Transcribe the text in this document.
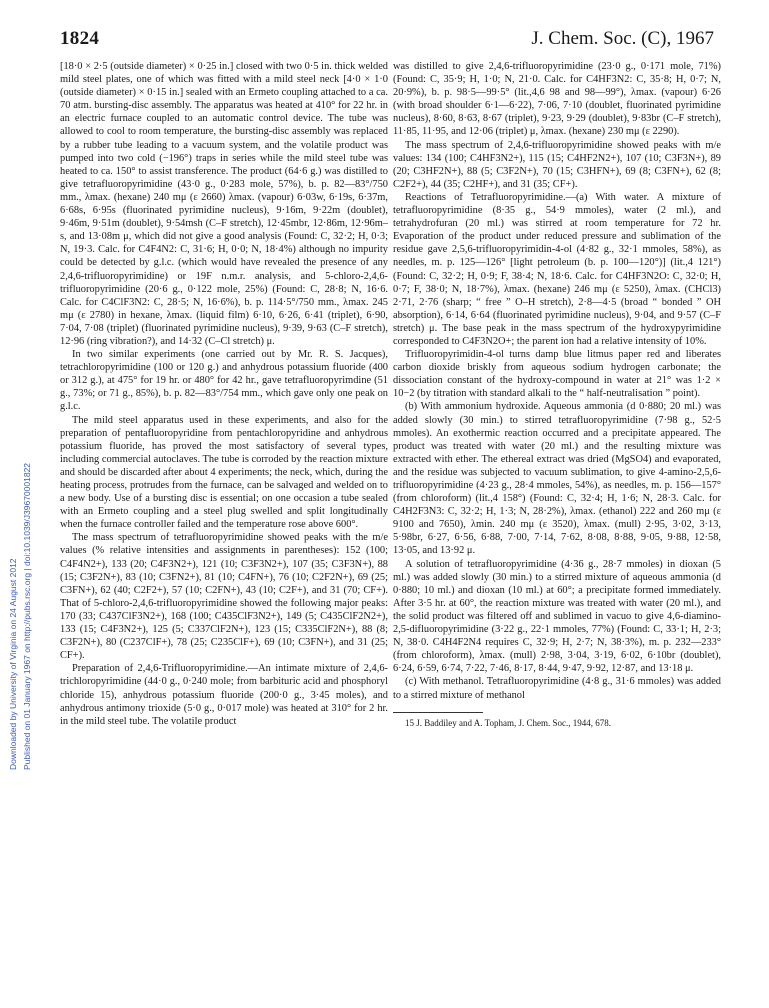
1824	J. Chem. Soc. (C), 1967
Downloaded by University of Virginia on 24 August 2012 Published on 01 January 1967 on http://pubs.rsc.org | doi:10.1039/J39670001822

[18·0 × 2·5 (outside diameter) × 0·25 in.] closed with two 0·5 in. thick welded mild steel plates, one of which was fitted with a mild steel neck [4·0 × 1·0 (outside diameter) × 0·15 in.] sealed with an Ermeto coupling attached to a ca. 70 atm. bursting-disc assembly. The apparatus was heated at 410° for 22 hr. in an electric furnace coupled to an automatic control device. The tube was allowed to cool to room temperature, the bursting-disc assembly was replaced by a rubber tube leading to a vacuum system, and the volatile product was pumped into two cold (−196°) traps in series while the mild steel tube was heated to ca. 150° to assist transference. The product (64·6 g.) was distilled to give tetrafluoropyrimidine (43·0 g., 0·283 mole, 57%), b. p. 82—83°/750 mm., λmax. (hexane) 240 mμ (ε 2660) λmax. (vapour) 6·03w, 6·19s, 6·37m, 6·68s, 6·95s (fluorinated pyrimidine nucleus), 9·16m, 9·22m (doublet), 9·46m, 9·51m (doublet), 9·54msh (C–F stretch), 12·45mbr, 12·86m, 12·96m–s, and 13·08m μ, which did not give a good analysis (Found: C, 32·2; H, 0·3; N, 19·3. Calc. for C4F4N2: C, 31·6; H, 0·0; N, 18·4%) although no impurity could be detected by g.l.c. (which would have revealed the presence of any 2,4,6-trifluoropyrimidine) or 19F n.m.r. analysis, and 5-chloro-2,4,6-trifluoropyrimidine (20·6 g., 0·122 mole, 25%) (Found: C, 28·8; N, 16·6. Calc. for C4ClF3N2: C, 28·5; N, 16·6%), b. p. 114·5°/750 mm., λmax. 245 mμ (ε 2780) in hexane, λmax. (liquid film) 6·10, 6·26, 6·41 (triplet), 6·90, 7·04, 7·08 (triplet) (fluorinated pyrimidine nucleus), 9·39, 9·63 (C–F stretch), 12·96 (ring vibration?), and 14·32 (C–Cl stretch) μ.

In two similar experiments (one carried out by Mr. R. S. Jacques), tetrachloropyrimidine (100 or 120 g.) and anhydrous potassium fluoride (400 or 312 g.), at 475° for 19 hr. or 480° for 42 hr., gave tetrafluoropyrimdine (51 g., 73%; or 71 g., 85%), b. p. 82—83°/754 mm., which gave only one peak on g.l.c.

The mild steel apparatus used in these experiments, and also for the preparation of pentafluoropyridine from pentachloropyridine and anhydrous potassium fluoride, has proved the most satisfactory of several types, including commercial autoclaves. The tube is corroded by the reaction mixture and should be discarded after about 4 experiments; the neck, which, during the heating process, protrudes from the furnace, can be salvaged and welded on to a new body. Use of a bursting disc is essential; on one occasion a tube sealed with an Ermeto coupling and a steel plug swelled and split longitudinally when the furnace controller failed and the temperature rose above 600°.

The mass spectrum of tetrafluoropyrimidine showed peaks with the m/e values (% relative intensities and assignments in parentheses): 152 (100; C4F4N2+), 133 (20; C4F3N2+), 121 (10; C3F3N2+), 107 (35; C3F3N+), 88 (15; C3F2N+), 83 (10; C3FN2+), 81 (10; C4FN+), 76 (10; C2F2N+), 69 (25; C3FN+), 62 (40; C2F2+), 57 (10; C2FN+), 43 (10; C2F+), and 31 (70; CF+). That of 5-chloro-2,4,6-trifluoropyrimidine showed the following major peaks: 170 (33; C437ClF3N2+), 168 (100; C435ClF3N2+), 149 (5; C435ClF2N2+), 133 (15; C4F3N2+), 125 (5; C337ClF2N+), 123 (15; C335ClF2N+), 88 (8; C3F2N+), 80 (C237ClF+), 78 (25; C235ClF+), 69 (10; C3FN+), and 31 (25; CF+).

Preparation of 2,4,6-Trifluoropyrimidine.—An intimate mixture of 2,4,6-trichloropyrimidine (44·0 g., 0·240 mole; from barbituric acid and phosphoryl chloride 15), anhydrous potassium fluoride (200·0 g., 3·45 moles), and anhydrous antimony trioxide (5·0 g., 0·017 mole) was heated at 310° for 2 hr. in the mild steel tube. The volatile product

was distilled to give 2,4,6-trifluoropyrimidine (23·0 g., 0·171 mole, 71%) (Found: C, 35·9; H, 1·0; N, 21·0. Calc. for C4HF3N2: C, 35·8; H, 0·7; N, 20·9%), b. p. 98·5—99·5° (lit.,4,6 98 and 98—99°), λmax. (vapour) 6·26 (with broad shoulder 6·1—6·22), 7·06, 7·10 (doublet, fluorinated pyrimidine nucleus), 8·60, 8·63, 8·67 (triplet), 9·23, 9·29 (doublet), 9·83br (C–F stretch), 11·85, 11·95, and 12·06 (triplet) μ, λmax. (hexane) 230 mμ (ε 2290).

The mass spectrum of 2,4,6-trifluoropyrimidine showed peaks with m/e values: 134 (100; C4HF3N2+), 115 (15; C4HF2N2+), 107 (10; C3F3N+), 89 (20; C3HF2N+), 88 (5; C3F2N+), 70 (15; C3HFN+), 69 (8; C3FN+), 62 (8; C2F2+), 44 (35; C2HF+), and 31 (35; CF+).

Reactions of Tetrafluoropyrimidine.—(a) With water. A mixture of tetrafluoropyrimidine (8·35 g., 54·9 mmoles), water (2 ml.), and tetrahydrofuran (20 ml.) was stirred at room temperature for 72 hr. Evaporation of the product under reduced pressure and sublimation of the residue gave 2,5,6-trifluoropyrimidin-4-ol (4·82 g., 32·1 mmoles, 58%), as needles, m. p. 125—126° [light petroleum (b. p. 100—120°)] (lit.,4 121°) (Found: C, 32·2; H, 0·9; F, 38·4; N, 18·6. Calc. for C4HF3N2O: C, 32·0; H, 0·7; F, 38·0; N, 18·7%), λmax. (hexane) 246 mμ (ε 5250), λmax. (CHCl3) 2·71, 2·76 (sharp; “ free ” O–H stretch), 2·8—4·5 (broad “ bonded ” OH absorption), 6·14, 6·64 (fluorinated pyrimidine nucleus), 9·04, and 9·57 (C–F stretch) μ. The base peak in the mass spectrum of the hydroxypyrimidine corresponded to C4F3N2O+; the parent ion had a relative intensity of 10%.

Trifluoropyrimidin-4-ol turns damp blue litmus paper red and liberates carbon dioxide briskly from aqueous sodium hydrogen carbonate; the dissociation constant of the hydroxy-compound in water at 21° was 1·2 × 10−2 (by titration with standard alkali to the “ half-neutralisation ” point).

(b) With ammonium hydroxide. Aqueous ammonia (d 0·880; 20 ml.) was added slowly (30 min.) to stirred tetrafluoropyrimidine (7·98 g., 52·5 mmoles). An exothermic reaction occurred and a precipitate appeared. The product was treated with water (20 ml.) and the resulting mixture was extracted with ether. The ethereal extract was dried (MgSO4) and evaporated, and the residue was subjected to vacuum sublimation, to give 4-amino-2,5,6-trifluoropyrimidine (4·23 g., 28·4 mmoles, 54%), as needles, m. p. 156—157° (from chloroform) (lit.,4 158°) (Found: C, 32·4; H, 1·6; N, 28·3. Calc. for C4H2F3N3: C, 32·2; H, 1·3; N, 28·2%), λmax. (ethanol) 222 and 260 mμ (ε 9100 and 7650), λmin. 240 mμ (ε 3520), λmax. (mull) 2·95, 3·02, 3·13, 5·98br, 6·27, 6·56, 6·88, 7·00, 7·14, 7·62, 8·08, 8·88, 9·05, 9·88, 12·58, 13·05, and 13·92 μ.

A solution of tetrafluoropyrimidine (4·36 g., 28·7 mmoles) in dioxan (5 ml.) was added slowly (30 min.) to a stirred mixture of aqueous ammonia (d 0·880; 10 ml.) and dioxan (10 ml.) at 60°; a precipitate formed immediately. After 3·5 hr. at 60°, the reaction mixture was treated with water (20 ml.), and the solid product was filtered off and sublimed in vacuo to give 4,6-diamino-2,5-difluoropyrimidine (3·22 g., 22·1 mmoles, 77%) (Found: C, 33·1; H, 2·3; N, 38·0. C4H4F2N4 requires C, 32·9; H, 2·7; N, 38·3%), m. p. 232—233° (from chloroform), λmax. (mull) 2·98, 3·04, 3·19, 6·02, 6·10br (doublet), 6·24, 6·59, 6·74, 7·22, 7·46, 8·17, 8·44, 9·47, 9·92, 12·87, and 13·18 μ.

(c) With methanol. Tetrafluoropyrimidine (4·8 g., 31·6 mmoles) was added to a stirred mixture of methanol

15 J. Baddiley and A. Topham, J. Chem. Soc., 1944, 678.
